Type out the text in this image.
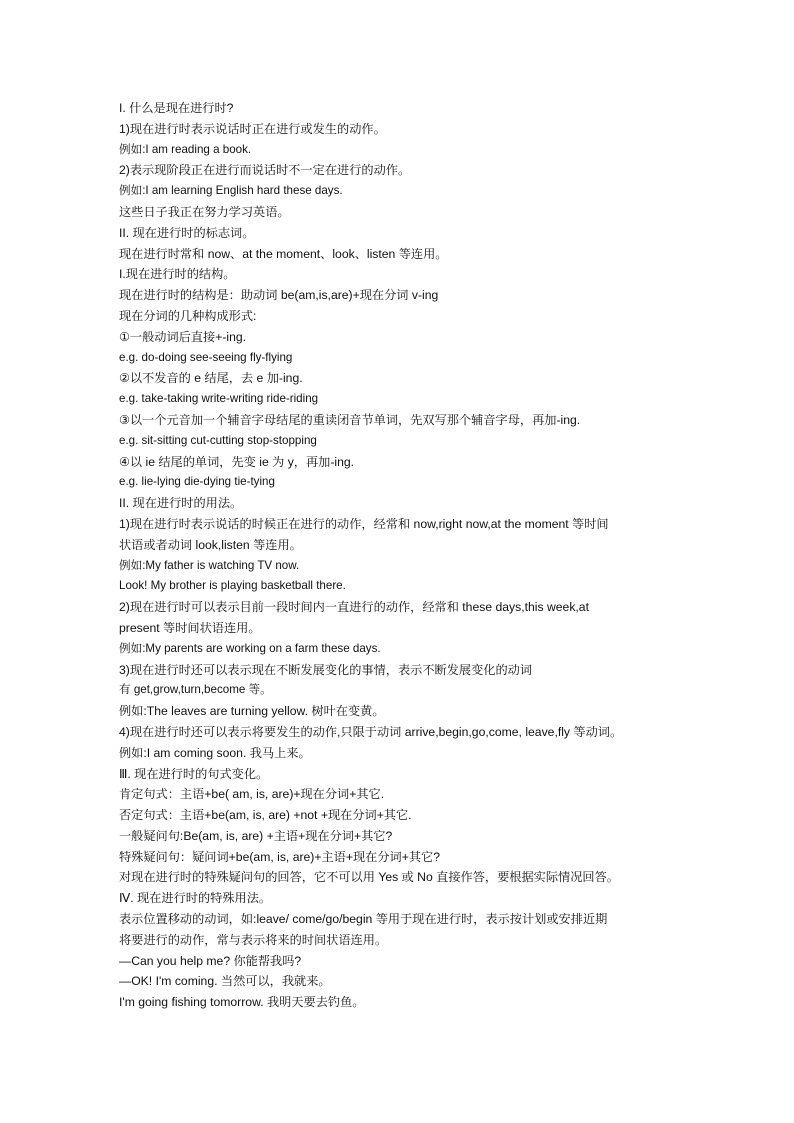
I. 什么是现在进行时?
1)现在进行时表示说话时正在进行或发生的动作。
例如:I am reading a book.
2)表示现阶段正在进行而说话时不一定在进行的动作。
例如:I am learning English hard these days.
这些日子我正在努力学习英语。
II. 现在进行时的标志词。
现在进行时常和 now、at the moment、look、listen 等连用。
I.现在进行时的结构。
现在进行时的结构是：助动词 be(am,is,are)+现在分词 v-ing
现在分词的几种构成形式:
①一般动词后直接+-ing.
e.g. do-doing see-seeing fly-flying
②以不发音的 e 结尾，去 e 加-ing.
e.g. take-taking write-writing ride-riding
③以一个元音加一个辅音字母结尾的重读闭音节单词，先双写那个辅音字母，再加-ing.
e.g. sit-sitting cut-cutting stop-stopping
④以 ie 结尾的单词，先变 ie 为 y，再加-ing.
e.g. lie-lying die-dying tie-tying
II. 现在进行时的用法。
1)现在进行时表示说话的时候正在进行的动作，经常和 now,right now,at the moment 等时间
状语或者动词 look,listen 等连用。
例如:My father is watching TV now.
Look! My brother is playing basketball there.
2)现在进行时可以表示目前一段时间内一直进行的动作，经常和 these days,this week,at
present 等时间状语连用。
例如:My parents are working on a farm these days.
3)现在进行时还可以表示现在不断发展变化的事情，表示不断发展变化的动词
有 get,grow,turn,become 等。
例如:The leaves are turning yellow. 树叶在变黄。
4)现在进行时还可以表示将要发生的动作,只限于动词 arrive,begin,go,come, leave,fly 等动词。
例如:I am coming soon. 我马上来。
Ⅲ. 现在进行时的句式变化。
肯定句式：主语+be( am, is, are)+现在分词+其它.
否定句式：主语+be(am, is, are) +not +现在分词+其它.
一般疑问句:Be(am, is, are) +主语+现在分词+其它?
特殊疑问句：疑问词+be(am, is, are)+主语+现在分词+其它?
对现在进行时的特殊疑问句的回答，它不可以用 Yes 或 No 直接作答，要根据实际情况回答。
Ⅳ. 现在进行时的特殊用法。
表示位置移动的动词，如:leave/ come/go/begin 等用于现在进行时，表示按计划或安排近期
将要进行的动作，常与表示将来的时间状语连用。
—Can you help me? 你能帮我吗?
—OK! I'm coming. 当然可以，我就来。
I'm going fishing tomorrow. 我明天要去钓鱼。
